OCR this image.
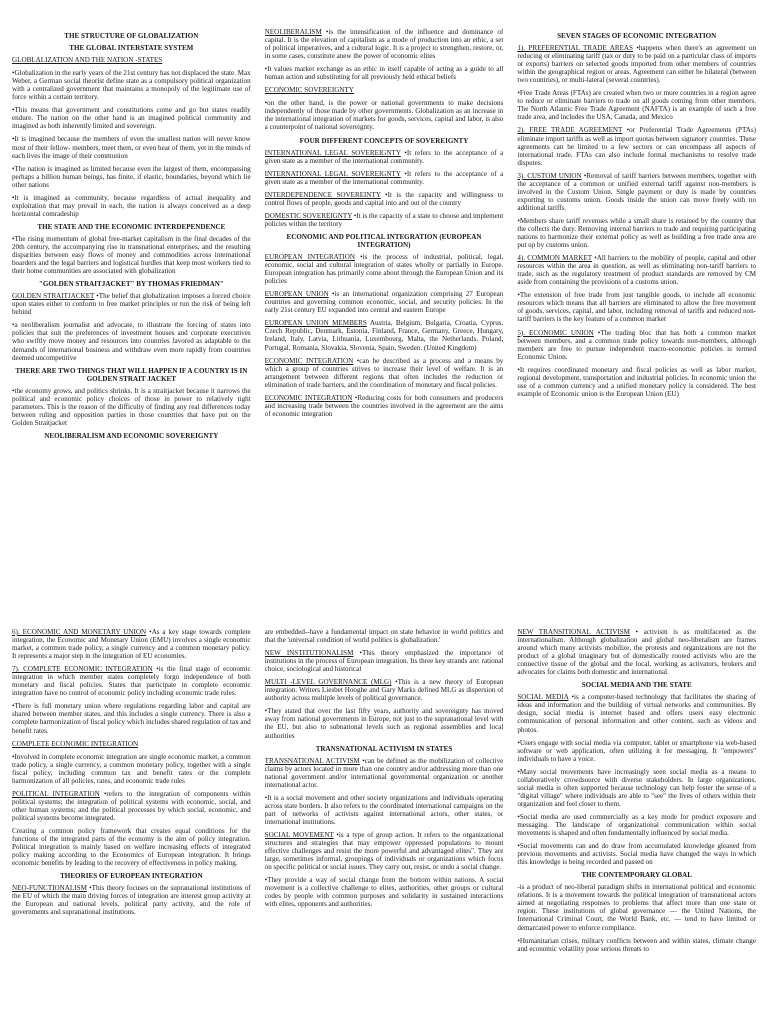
THE STRUCTURE OF GLOBALIZATION
THE GLOBAL INTERSTATE SYSTEM

GLOBLALIZATION AND THE NATION -STATES

•Globalization in the early years of the 21st century has not displaced the state. Max Weber, a German social theorist define state as a compulsory political organization with a centralized government that maintains a monopoly of the legitimate use of force within a certain territory.

•This means that government and constitutions come and go but states readily endure. The nation on the other hand is an imagined political community and imagined as both inherently limited and sovereign.

•It is imagined because the members of even the smallest nation will never know most of their fellow- members, meet them, or even hear of them, yet in the minds of each lives the image of their communion

•The nation is imagined as limited because even the largest of them, encompassing perhaps a billion human beings, has finite, if elastic, boundaries, beyond which lie other nations

•It is imagined as community, because regardless of actual inequality and exploitation that may prevail in each, the nation is always conceived as a deep horizontal comradeship

THE STATE AND THE ECONOMIC INTERDEPENDENCE

•The rising momentum of global free-market capitalism in the final decades of the 20th century, the accompanying rise in transnational enterprises, and the resulting disparities between easy flows of money and commodities across international boarders and the legal barriers and logistical hurdles that keep most workers tied to their home communities are associated with globalization

"GOLDEN STRAITJACKET" BY THOMAS FRIEDMAN"

GOLDEN STRAITJACKET •The belief that globalization imposes a forced choice upon states either to conform to free market principles or run the risk of being left behind

•a neoliberalism journalist and advocate, to illustrate the forcing of states into policies that suit the preferences of investment houses and corporate executives who swiftly move money and resources into countries favored as adaptable to the demands of international business and withdraw even more rapidly from countries deemed uncompetitive

THERE ARE TWO THINGS THAT WILL HAPPEN IF A COUNTRY IS IN GOLDEN STRAIT JACKET

•the economy grows, and politics shrinks. It is a straitjacket because it narrows the political and economic policy choices of those in power to relatively tight parameters. This is the reason of the difficulty of finding any real differences today between ruling and opposition parties in those countries that have put on the Golden Straitjacket

NEOLIBERALISM AND ECONOMIC SOVEREIGNTY

NEOLIBERALISM •is the intensification of the influence and dominance of capital. It is the elevation of capitalism as a mode of production into an ethic, a set of political imperatives, and a cultural logic. It is a project to strengthen, restore, or, in some cases, constitute anew the power of economic elites

•It values market exchange as an ethic in itself capable of acting as a guide to all human action and substituting for all previously held ethical beliefs

ECONOMIC SOVEREIGNTY

•on the other hand, is the power or national governments to make decisions independently of those made by other governments. Globalization as an increase in the international integration of markets for goods, services, capital and labor, is also a counterpoint of national sovereignty.

FOUR DIFFERENT CONCEPTS OF SOVEREIGNTY

INTERNATIONAL LEGAL SOVEREIGNTY •It refers to the acceptance of a given state as a member of the international community.

INTERNATIONAL LEGAL SOVEREIGNTY •It refers to the acceptance of a given state as a member of the international community.

INTERDEPENDENCE SOVEREINTY •It is the capacity and willingness to control flows of people, goods and capital into and out of the country

DOMESTIC SOVEREIGNTY •It is the capacity of a state to choose and implement policies within the territory

ECONOMIC AND POLITICAL INTEGRATION (EUROPEAN INTEGRATION)

EUROPEAN INTEGRATION •is the process of industrial, political, legal, economic, social and cultural integration of states wholly or partially in Europe. European integration has primarily come about through the European Union and its policies

EUROPEAN UNION •is an international organization comprising 27 European countries and governing common economic, social, and security policies. In the early 21st century EU expanded into central and eastern Europe

EUROPEAN UNION MEMBERS Austria, Belgium, Bulgaria, Croatia, Cyprus, Czech Republic, Denmark, Estonia, Finland, France, Germany, Greece, Hungary, Ireland, Italy, Latvia, Lithuania, Luxembourg, Malta, the Netherlands, Poland, Portugal, Romania, Slovakia, Slovenia, Spain, Sweden. (United Kingdom)

ECONOMIC INTEGRATION •can be described as a process and a means by which a group of countries strives to increase their level of welfare. It is an arrangement between different regions that often includes the reduction or elimination of trade barriers, and the coordination of monetary and fiscal policies.

ECONOMIC INTEGRATION •Reducing costs for both consumers and producers and increasing trade between the countries involved in the agreement are the aims of economic integration

SEVEN STAGES OF ECONOMIC INTEGRATION

1). PREFERENTIAL TRADE AREAS •happens when there's an agreement on reducing or eliminating tariff (tax or duty to be paid on a particular class of imports or exports) barriers on selected goods imported from other members of countries within the geographical region or areas. Agreement can either be bilateral (between two countries), or multi-lateral (several countries).

•Free Trade Areas (FTAs) are created when two or more countries in a region agree to reduce or eliminate barriers to trade on all goods coming from other members. The North Atlantic Free Trade Agreement (NAFTA) is an example of such a free trade area, and includes the USA, Canada, and Mexico

2). FREE TRADE AGREEMENT •or Preferential Trade Agreements (PTAs) eliminate import tariffs as well as import quotas between signatory countries. These agreements can be limited to a few sectors or can encompass all aspects of international trade. FTAs can also include formal mechanisms to resolve trade disputes.

3). CUSTOM UNION •Removal of tariff barriers between members, together with the acceptance of a common or unified external tariff against non-members is involved in the Custom Union. Single payment or duty is made by countries exporting to customs union. Goods inside the union can move freely with no additional tariffs.

•Members share tariff revenues while a small share is retained by the country that the collects the duty. Removing internal barriers to trade and requiring participating nations to harmonize their external policy as well as building a free trade area are put up by customs union.

4). COMMON MARKET •All barriers to the mobility of people, capital and other resources within the area in question, as well as eliminating non-tariff barriers to trade, such as the regulatory treatment of product standards are removed by CM aside from containing the provisions of a customs union.

•The extension of free trade from just tangible goods, to include all economic resources which means that all barriers are eliminated to allow the free movement of goods, services, capital, and labor, including removal of tariffs and reduced non-tariff barriers is the key feature of a common market

5). ECONOMIC UNION •The trading bloc that has both a common market between members, and a common trade policy towards non-members, although members are free to pursue independent macro-economic policies is termed Economic Union.

•It requires coordinated monetary and fiscal policies as well as labor market, regional development, transportation and industrial policies. In economic union the use of a common currency and a unified monetary policy is considered. The best example of Economic union is the European Union (EU)

6). ECONOMIC AND MONETARY UNION •As a key stage towards complete integration, the Economic and Monetary Union (EMU) involves a single economic market, a common trade policy, a single currency and a common monetary policy. It represents a major step in the integration of EU economies.

7). COMPLETE ECONOMIC INTEGRATION •is the final stage of economic integration in which member states completely forgo independence of both monetary and fiscal policies. States that participate in complete economic integration have no control of economic policy including economic trade rules.

•There is full monetary union where regulations regarding labor and capital are shared between member states, and this includes a single currency. There is also a complete harmonization of fiscal policy which includes shared regulation of tax and benefit rates.

COMPLETE ECONOMIC INTEGRATION

•Involved in complete economic integration are single economic market, a common trade policy, a single currency, a common monetary policy, together with a single fiscal policy, including common tax and benefit rates or the complete harmonization of all policies, rates, and economic trade rules

POLITICAL INTEGRATION •refers to the integration of components within political systems; the integration of political systems with economic, social, and other human systems; and the political processes by which social, economic, and political systems become integrated.

Creating a common policy framework that creates equal conditions for the functions of the integrated parts of the economy is the aim of policy integration. Political integration is mainly based on welfare increasing effects of integrated policy making according to the Economics of European integration. It brings economic benefits by leading to the recovery of effectiveness in policy making.

THEORIES OF EUROPEAN INTEGRATION

NEO-FUNCTIONALISM •This theory focuses on the supranational institutions of the EU of which the main driving forces of integration are interest group activity at the European and national levels, political party activity, and the role of governments and supranational institutions.

are embedded--have a fundamental impact on state behavior in world politics and that the 'universal condition of world politics is globalization.'

NEW INSTITUTIONALISM •This theory emphasized the importance of institutions in the process of European integration. Its three key strands are: rational choice, sociological and historical

MULTI -LEVEL GOVERNANCE (MLG) •This is a new theory of European integration. Writers Liesbet Hooghe and Gary Marks defined MLG as dispersion of authority across multiple levels of political governance.

•They stated that over the last fifty years, authority and sovereignty has moved away from national governments in Europe, not just to the supranational level with the EU, but also to subnational levels such as regional assemblies and local authorities

TRANSNATIONAL ACTIVISM IN STATES

TRANSNATIONAL ACTIVISM •can be defined as the mobilization of collective claims by actors located in more than one country and/or addressing more than one national government and/or international governmental organization or another international actor.

•It is a social movement and other society organizations and individuals operating across state borders. It also refers to the coordinated international campaigns on the part of networks of activists against international actors, other states, or international institutions.

SOCIAL MOVEMENT •is a type of group action. It refers to the organizational structures and strategies that may empower oppressed populations to mount effective challenges and resist the more powerful and advantaged elites". They are large, sometimes informal, groupings of individuals or organizations which focus on specific political or social issues. They carry out, resist, or undo a social change.

•They provide a way of social change from the bottom within nations. A social movement is a collective challenge to elites, authorities, other groups or cultural codes by people with common purposes and solidarity in sustained interactions with elites, opponents and authorities.

NEW TRANSITIONAL ACTIVISM • activism is as multifaceted as the internationalism. Although globalization and global neo-liberalism are frames around which many activists mobilize, the protests and organizations are not the product of a global imaginary but of domestically rooted activists who are the connective tissue of the global and the local, working as activators, brokers and advocates for claims both domestic and international.

SOCIAL MEDIA AND THE STATE

SOCIAL MEDIA •is a computer-based technology that facilitates the sharing of ideas and information and the building of virtual networks and communities. By design, social media is internet based and offers users easy electronic communication of personal information and other content, such as videos and photos.

•Users engage with social media via computer, tablet or smartphone via web-based software or web application, often utilizing it for messaging. It "empowers" individuals to have a voice.

•Many social movements have increasingly seen social media as a means to collaboratively crowdsource with diverse stakeholders. In large organizations, social media is often supported because technology can help foster the sense of a "digital village" where individuals are able to "see" the lives of others within their organization and feel closer to them.

•Social media are used commercially as a key mode for product exposure and messaging. The landscape of organizational communication within social movements is shaped and often fundamentally influenced by social media.

•Social movements can and do draw from accumulated knowledge gleaned from previous movements and activists. Social media have changed the ways in which this knowledge is being recorded and passed on

THE CONTEMPORARY GLOBAL

-is a product of neo-liberal paradigm shifts in international political and economic relations. It is a movement towards the political integration of transnational actors aimed at negotiating responses to problems that affect more than one state or region. These institutions of global governance — the United Nations, the International Criminal Court, the World Bank, etc. — tend to have limited or demarcated power to enforce compliance.

•Humanitarian crises, military conflicts between and within states, climate change and economic volatility pose serious threats to
